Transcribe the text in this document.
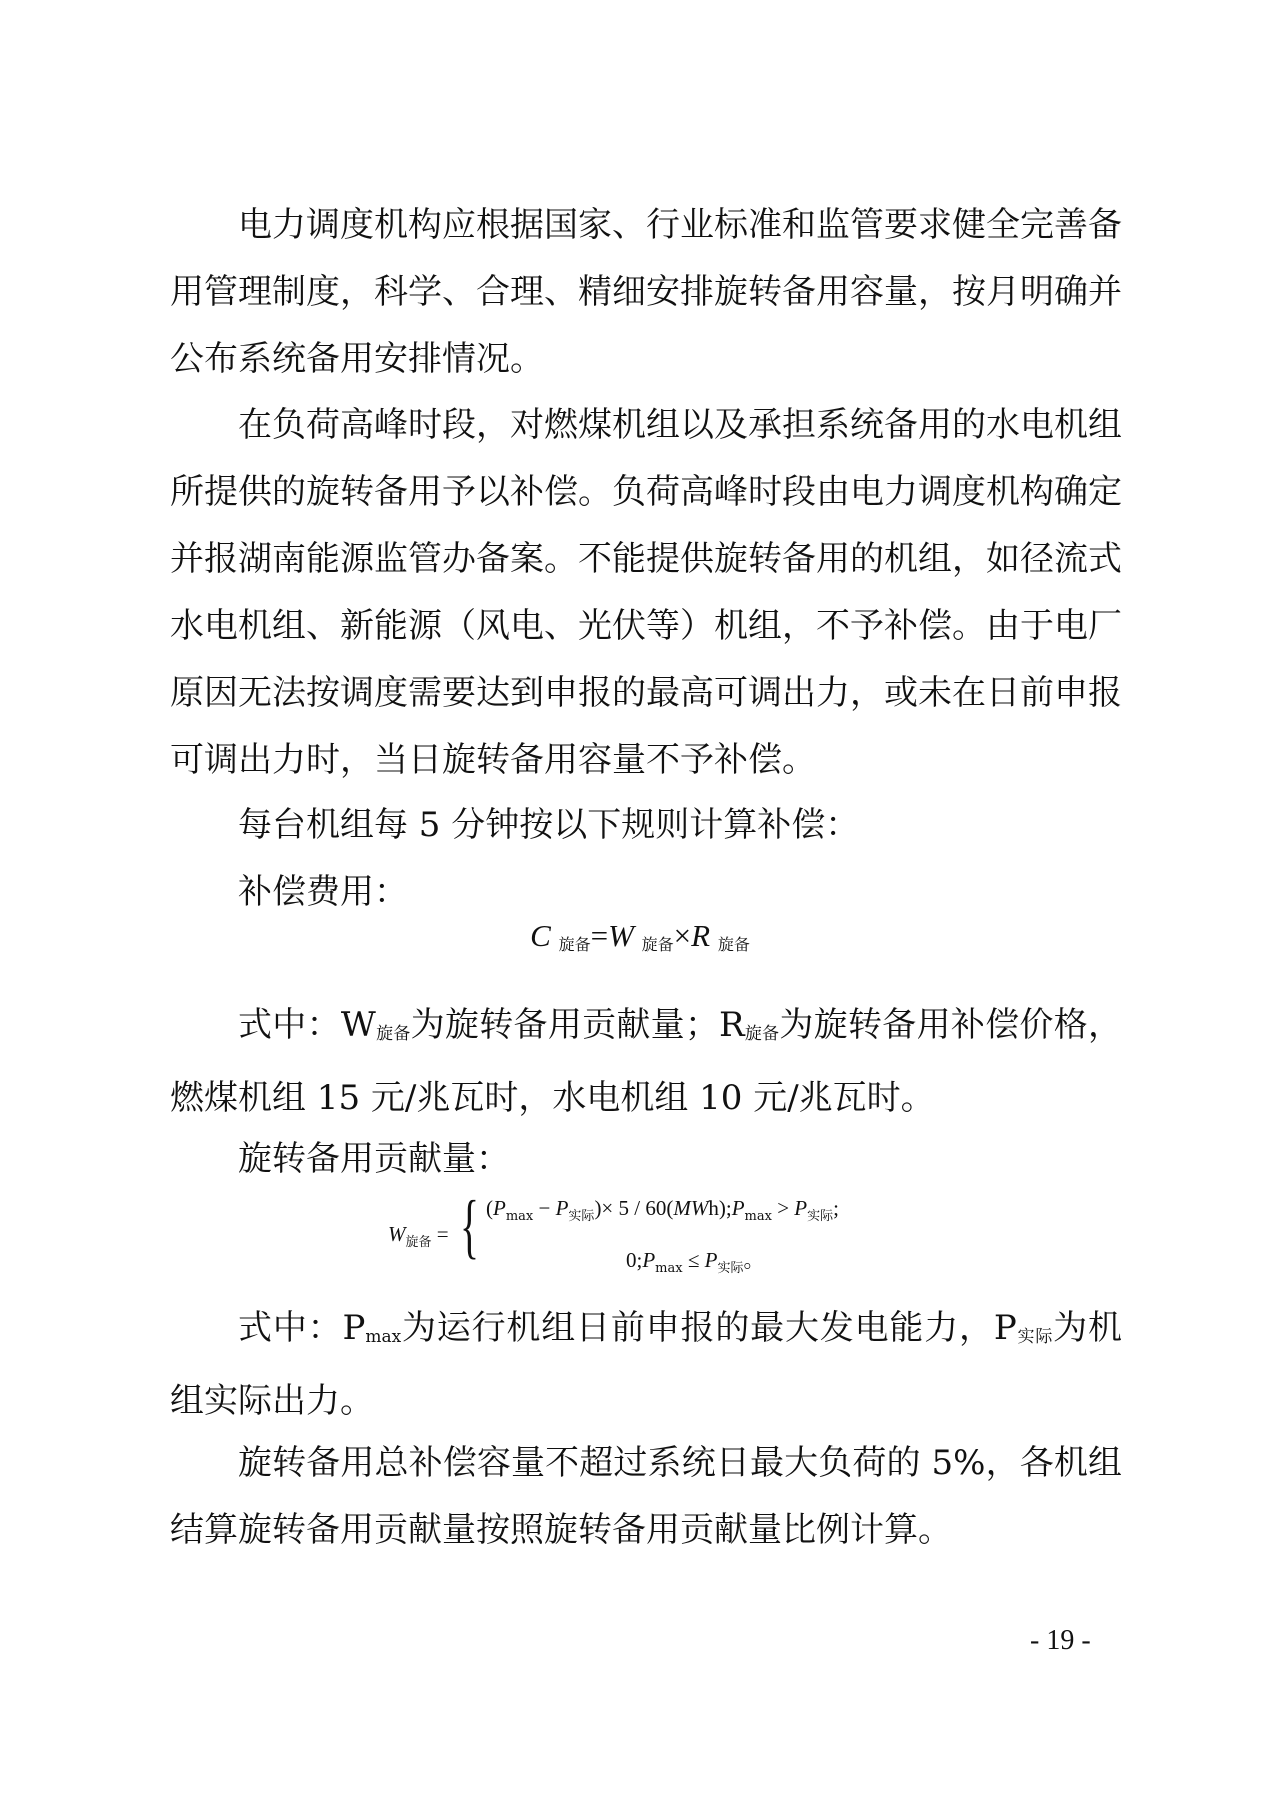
电力调度机构应根据国家、行业标准和监管要求健全完善备用管理制度，科学、合理、精细安排旋转备用容量，按月明确并公布系统备用安排情况。

在负荷高峰时段，对燃煤机组以及承担系统备用的水电机组所提供的旋转备用予以补偿。负荷高峰时段由电力调度机构确定并报湖南能源监管办备案。不能提供旋转备用的机组，如径流式水电机组、新能源（风电、光伏等）机组，不予补偿。由于电厂原因无法按调度需要达到申报的最高可调出力，或未在日前申报可调出力时，当日旋转备用容量不予补偿。

每台机组每 5 分钟按以下规则计算补偿：

补偿费用：

C 旋备=W 旋备×R 旋备

式中：W旋备为旋转备用贡献量；R旋备为旋转备用补偿价格，燃煤机组 15 元/兆瓦时，水电机组 10 元/兆瓦时。

旋转备用贡献量：

$W_{旋备}$ = { $(P_{max} - P_{实际})\times 5$ / $60(MWh);P_{max} > P_{实际}$;
$0;P_{max} \le P_{实际}$。

式中：Pmax为运行机组日前申报的最大发电能力，P实际为机组实际出力。

旋转备用总补偿容量不超过系统日最大负荷的 5%，各机组结算旋转备用贡献量按照旋转备用贡献量比例计算。

- 19 -
